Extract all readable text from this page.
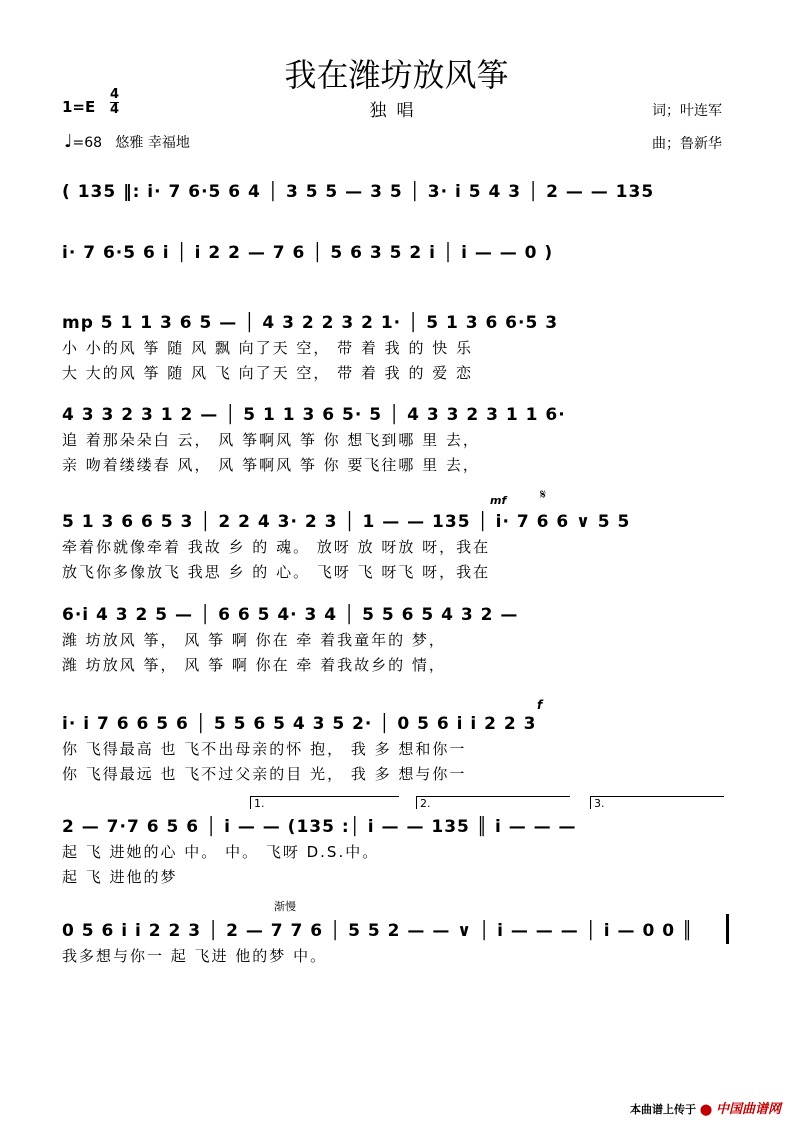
我在潍坊放风筝
独唱
1=E
4
4
♩=68 悠雅 幸福地
词；叶连军
曲；鲁新华
( 135 ‖: i· 7 6·5 6 4 │ 3 5 5 — 3 5 │ 3· i 5 4 3 │ 2 — — 135
i· 7 6·5 6 i │ i 2 2 — 7 6 │ 5 6 3 5 2 i │ i — — 0 )
mp 5 1 1 3 6 5 — │ 4 3 2 2 3 2 1· │ 5 1 3 6 6·5 3
小 小的风 筝 随 风 飘 向了天 空， 带 着 我 的 快 乐
大 大的风 筝 随 风 飞 向了天 空， 带 着 我 的 爱 恋
4 3 3 2 3 1 2 — │ 5 1 1 3 6 5· 5 │ 4 3 3 2 3 1 1 6·
追 着那朵朵白 云， 风 筝啊风 筝 你 想飞到哪 里 去，
亲 吻着缕缕春 风， 风 筝啊风 筝 你 要飞往哪 里 去，
5 1 3 6 6 5 3 │ 2 2 4 3· 2 3 │ 1 — — 135 │ i· 7 6 6 ∨ 5 5
牵着你就像牵着 我故 乡 的 魂。 放呀 放 呀放 呀，我在
放飞你多像放飞 我思 乡 的 心。 飞呀 飞 呀飞 呀，我在
6·i 4 3 2 5 — │ 6 6 5 4· 3 4 │ 5 5 6 5 4 3 2 —
潍 坊放风 筝， 风 筝 啊 你在 牵 着我童年的 梦，
潍 坊放风 筝， 风 筝 啊 你在 牵 着我故乡的 情，
i· i 7 6 6 5 6 │ 5 5 6 5 4 3 5 2· │ 0 5 6 i i 2 2 3
你 飞得最高 也 飞不出母亲的怀 抱， 我 多 想和你一
你 飞得最远 也 飞不过父亲的目 光， 我 多 想与你一
2 — 7·7 6 5 6 │ i — — (135 :│ i — — 135 ║ i — — —
起 飞 进她的心 中。 中。 飞呀 D.S.中。
起 飞 进他的梦
0 5 6 i i 2 2 3 │ 2 — 7 7 6 │ 5 5 2 — — ∨ │ i — — — │ i — 0 0 ║
我多想与你一 起 飞进 他的梦 中。
1.	2.	3.
渐慢
f
mf 𝄋
本曲谱上传于 ⬤ 中国曲谱网
